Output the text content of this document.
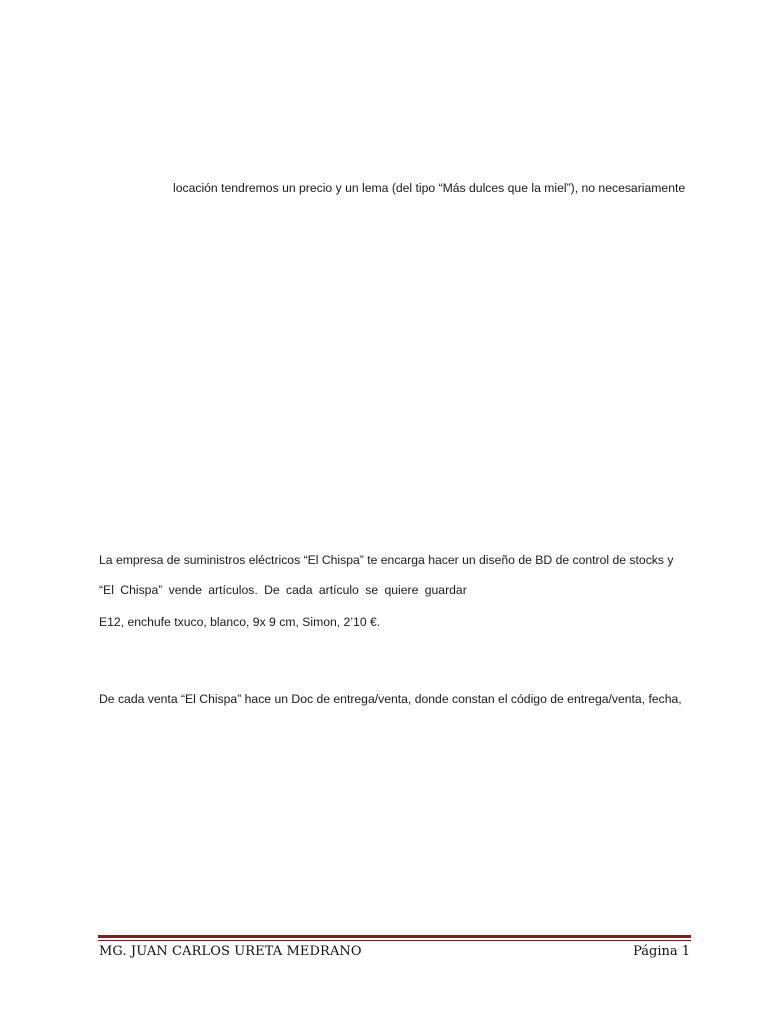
locación tendremos un precio y un lema (del tipo “Más dulces que la miel”), no necesariamente
La empresa de suministros eléctricos “El Chispa” te encarga hacer un diseño de BD de control de stocks y
“El Chispa” vende artículos. De cada artículo se quiere guardar
E12, enchufe txuco, blanco, 9x 9 cm, Simon, 2’10 €.
De cada venta “El Chispa” hace un Doc de entrega/venta, donde constan el código de entrega/venta, fecha,
MG. JUAN CARLOS URETA MEDRANO	Página 1
